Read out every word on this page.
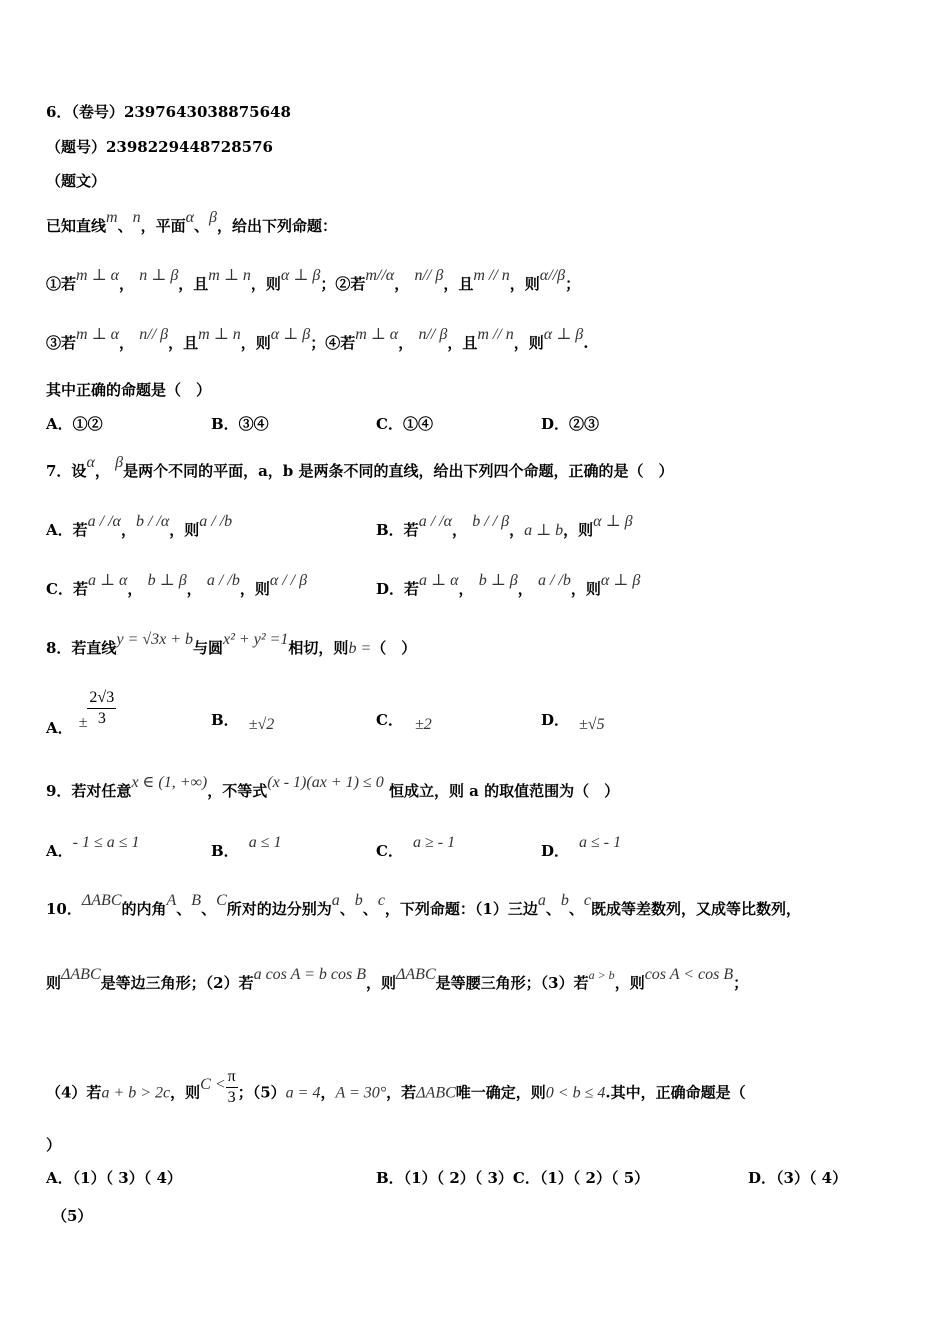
6．（卷号）2397643038875648
（题号）2398229448728576
（题文）
已知直线m、n，平面α、β，给出下列命题：
①若m ⊥ α， n ⊥ β，且m ⊥ n，则α ⊥ β；②若m//α， n// β，且m // n，则α//β；
③若m ⊥ α， n// β，且m ⊥ n，则α ⊥ β；④若m ⊥ α， n// β，且m // n，则α ⊥ β.
其中正确的命题是（　）
A．①②	B．③④	C．①④	D．②③
7．设α， β是两个不同的平面，a，b 是两条不同的直线，给出下列四个命题，正确的是（　）
A．若a / /α，b / /α，则a / /b	B．若a / /α， b / / β，a ⊥ b，则α ⊥ β
C．若a ⊥ α， b ⊥ β， a / /b，则α / / β	D．若a ⊥ α， b ⊥ β， a / /b，则α ⊥ β
8．若直线y = √3x + b与圆x² + y² =1相切，则b =（　）
A． ± $\frac{2√3}{3}$	B． ±√2	C． ±2	D． ±√5
9．若对任意x ∈ (1, +∞)，不等式(x - 1)(ax + 1) ≤ 0 恒成立，则 a 的取值范围为（　）
A．- 1 ≤ a ≤ 1	B． a ≤ 1	C． a ≥ - 1	D． a ≤ - 1
10．ΔABC的内角A、B、C所对的边分别为a、b、c，下列命题：（1）三边a、b、c既成等差数列，又成等比数列，
则ΔABC是等边三角形；（2）若a cos A = b cos B，则ΔABC是等腰三角形；（3）若$^{a > b}$，则cos A < cos B；
（4）若a + b > 2c，则$C < \frac{\pi}{3}$ ；（5）a = 4，A = 30°，若ΔABC唯一确定，则0 < b ≤ 4.其中，正确命题是（
）
A．（1）（ 3）（ 4）	B．（1）（ 2）（ 3）C．（1）（ 2）（ 5）	D．（3）（ 4）
（5）
